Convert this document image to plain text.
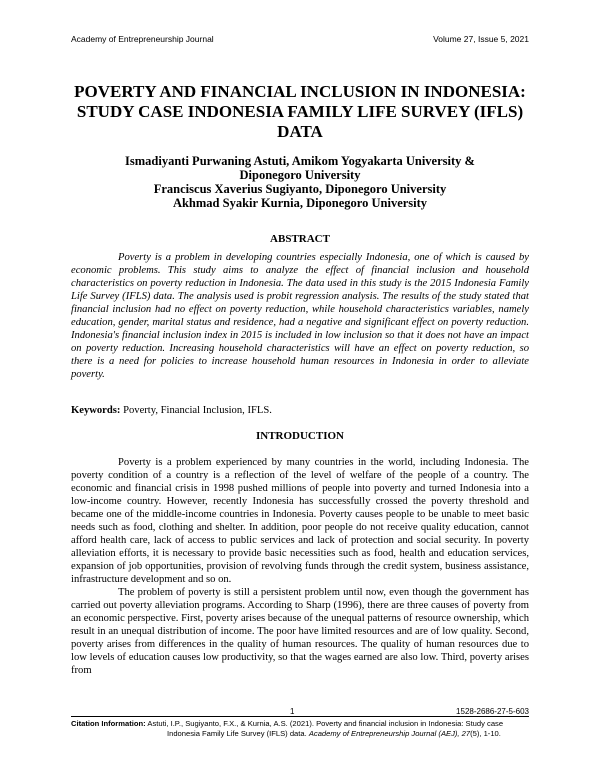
Academy of Entrepreneurship Journal	Volume 27, Issue 5, 2021
POVERTY AND FINANCIAL INCLUSION IN INDONESIA: STUDY CASE INDONESIA FAMILY LIFE SURVEY (IFLS) DATA
Ismadiyanti Purwaning Astuti, Amikom Yogyakarta University &
Diponegoro University
Franciscus Xaverius Sugiyanto, Diponegoro University
Akhmad Syakir Kurnia, Diponegoro University
ABSTRACT
Poverty is a problem in developing countries especially Indonesia, one of which is caused by economic problems. This study aims to analyze the effect of financial inclusion and household characteristics on poverty reduction in Indonesia. The data used in this study is the 2015 Indonesia Family Life Survey (IFLS) data. The analysis used is probit regression analysis. The results of the study stated that financial inclusion had no effect on poverty reduction, while household characteristics variables, namely education, gender, marital status and residence, had a negative and significant effect on poverty reduction. Indonesia's financial inclusion index in 2015 is included in low inclusion so that it does not have an impact on poverty reduction. Increasing household characteristics will have an effect on poverty reduction, so there is a need for policies to increase household human resources in Indonesia in order to alleviate poverty.
Keywords: Poverty, Financial Inclusion, IFLS.
INTRODUCTION

Poverty is a problem experienced by many countries in the world, including Indonesia. The poverty condition of a country is a reflection of the level of welfare of the people of a country. The economic and financial crisis in 1998 pushed millions of people into poverty and turned Indonesia into a low-income country. However, recently Indonesia has successfully crossed the poverty threshold and became one of the middle-income countries in Indonesia. Poverty causes people to be unable to meet basic needs such as food, clothing and shelter. In addition, poor people do not receive quality education, cannot afford health care, lack of access to public services and lack of protection and social security. In poverty alleviation efforts, it is necessary to provide basic necessities such as food, health and education services, expansion of job opportunities, provision of revolving funds through the credit system, business assistance, infrastructure development and so on.

The problem of poverty is still a persistent problem until now, even though the government has carried out poverty alleviation programs. According to Sharp (1996), there are three causes of poverty from an economic perspective. First, poverty arises because of the unequal patterns of resource ownership, which result in an unequal distribution of income. The poor have limited resources and are of low quality. Second, poverty arises from differences in the quality of human resources. The quality of human resources due to low levels of education causes low productivity, so that the wages earned are also low. Third, poverty arises from

1	1528-2686-27-5-603
Citation Information: Astuti, I.P., Sugiyanto, F.X., & Kurnia, A.S. (2021). Poverty and financial inclusion in Indonesia: Study case
Indonesia Family Life Survey (IFLS) data. Academy of Entrepreneurship Journal (AEJ), 27(5), 1-10.
